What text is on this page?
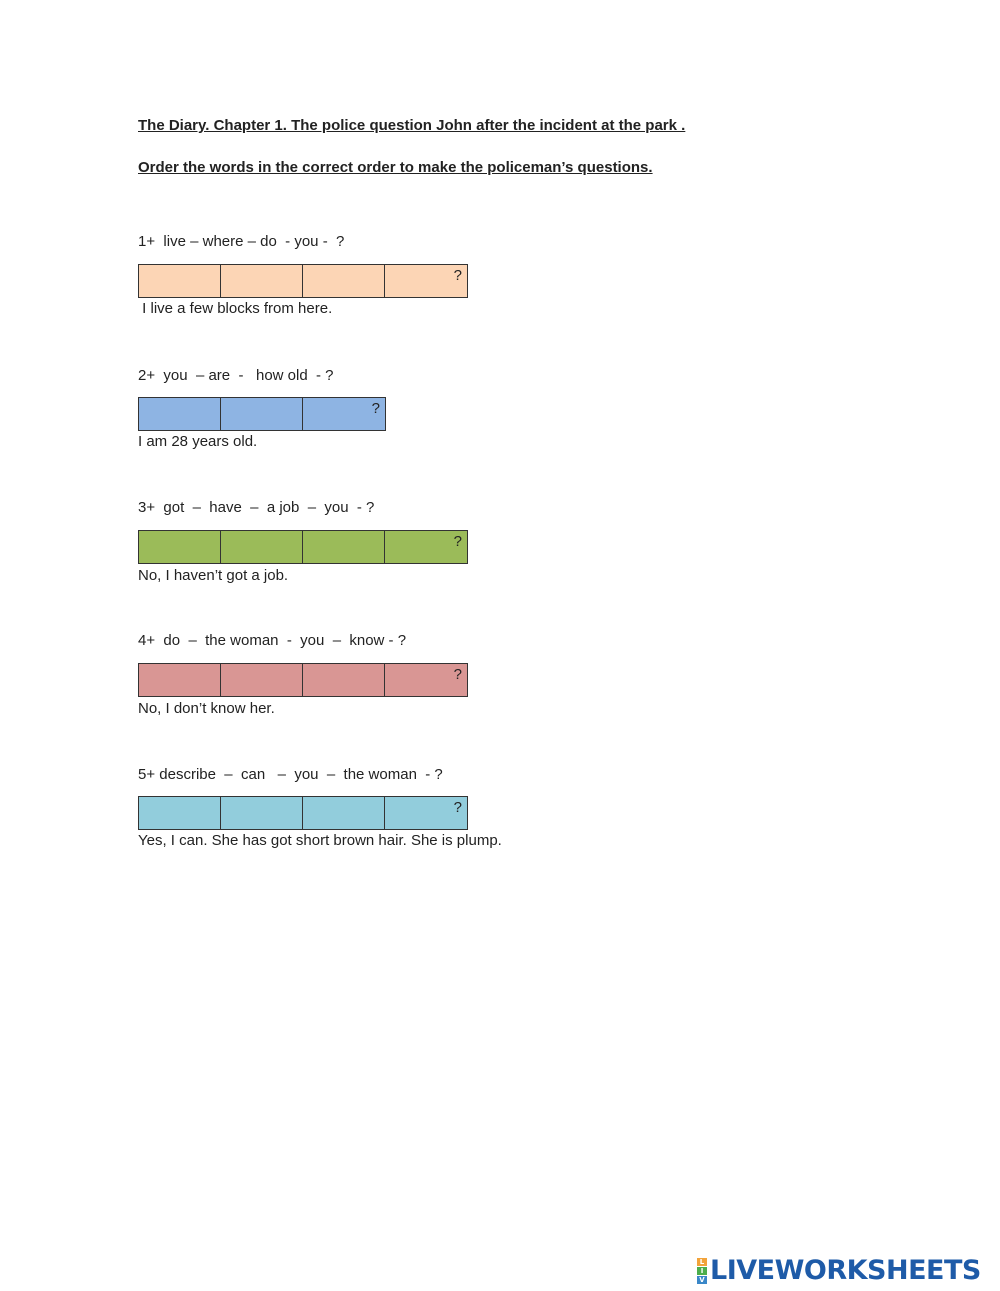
The Diary. Chapter 1. The police question John after the incident at the park .
Order the words in the correct order to make the policeman’s questions.
1+  live – where – do  - you -  ?
?
I live a few blocks from here.
2+  you  – are  -   how old  - ?
?
I am 28 years old.
3+  got  –  have  –  a job  –  you  - ?
?
No, I haven’t got a job.
4+  do  –  the woman  -  you  –  know - ?
?
No, I don’t know her.
5+ describe  –  can   –  you  –  the woman  - ?
?
Yes, I can. She has got short brown hair. She is plump.
L
I
V LIVEWORKSHEETS
